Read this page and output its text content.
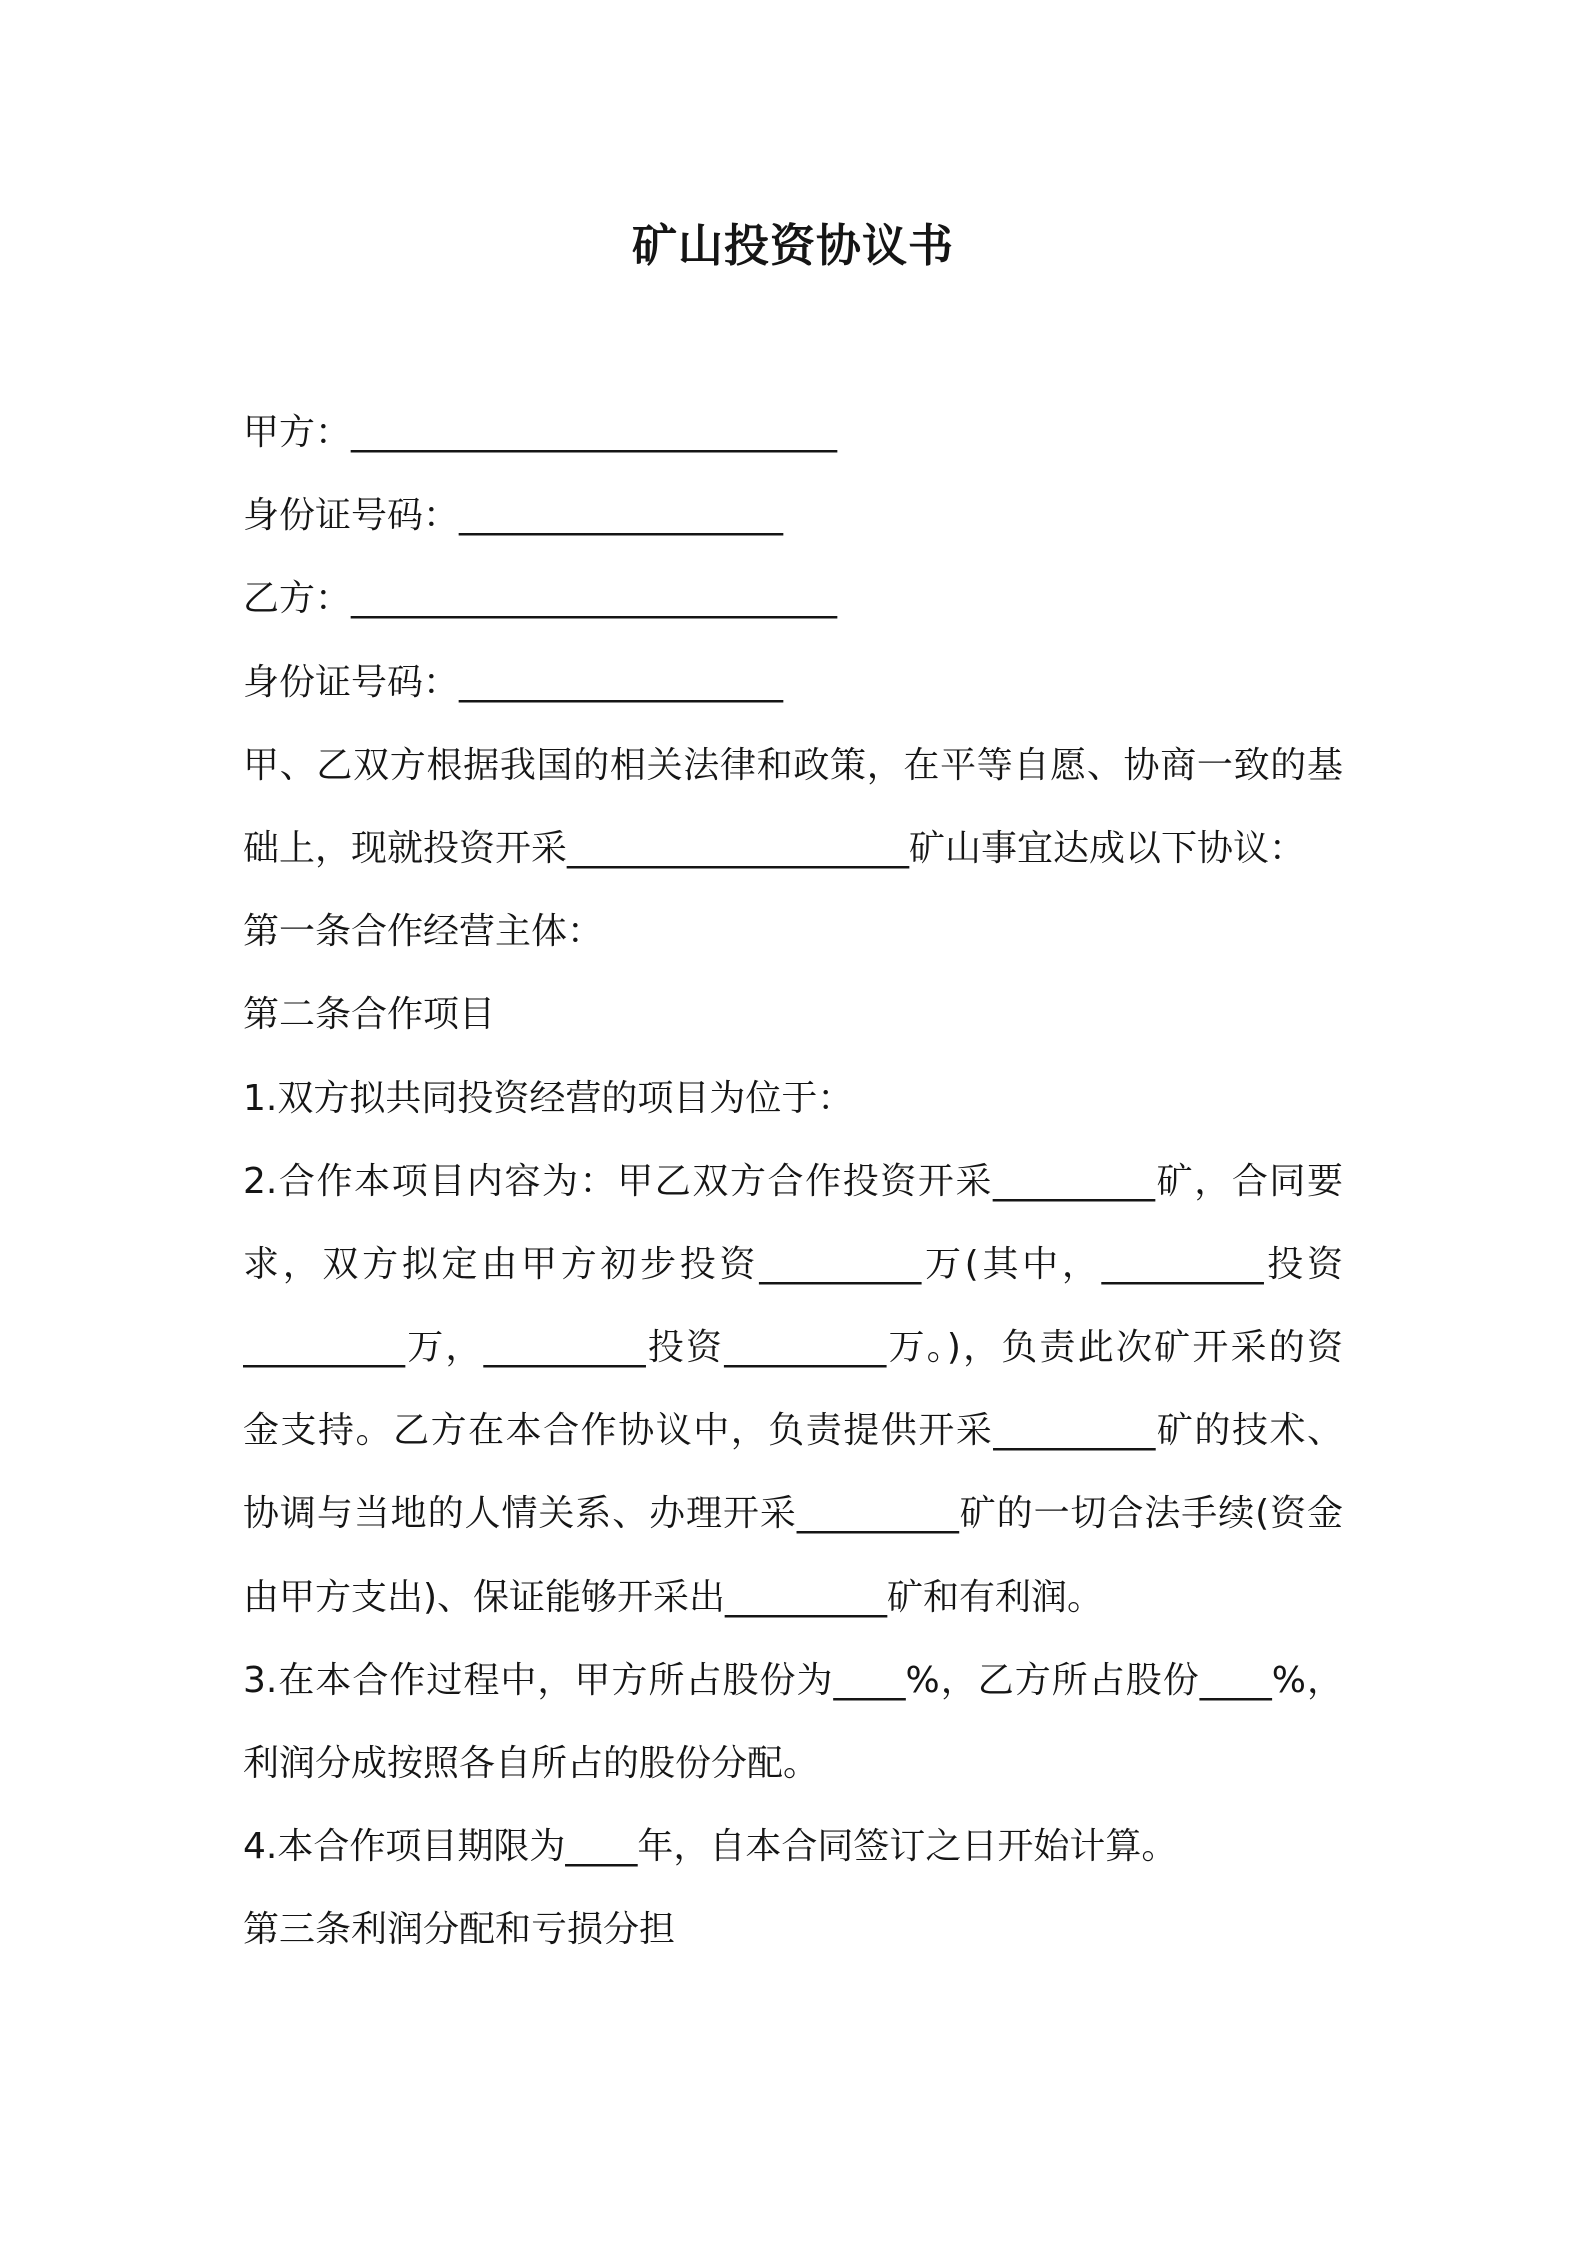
矿山投资协议书
甲方：___________________________
身份证号码：__________________
乙方：___________________________
身份证号码：__________________
甲、乙双方根据我国的相关法律和政策，在平等自愿、协商一致的基
础上，现就投资开采___________________矿山事宜达成以下协议：
第一条合作经营主体：
第二条合作项目
1.双方拟共同投资经营的项目为位于：
2.合作本项目内容为：甲乙双方合作投资开采_________矿，合同要
求，双方拟定由甲方初步投资_________万(其中，_________投资
_________万，_________投资_________万。)，负责此次矿开采的资
金支持。乙方在本合作协议中，负责提供开采_________矿的技术、
协调与当地的人情关系、办理开采_________矿的一切合法手续(资金
由甲方支出)、保证能够开采出_________矿和有利润。
3.在本合作过程中，甲方所占股份为____%，乙方所占股份____%，
利润分成按照各自所占的股份分配。
4.本合作项目期限为____年，自本合同签订之日开始计算。
第三条利润分配和亏损分担
